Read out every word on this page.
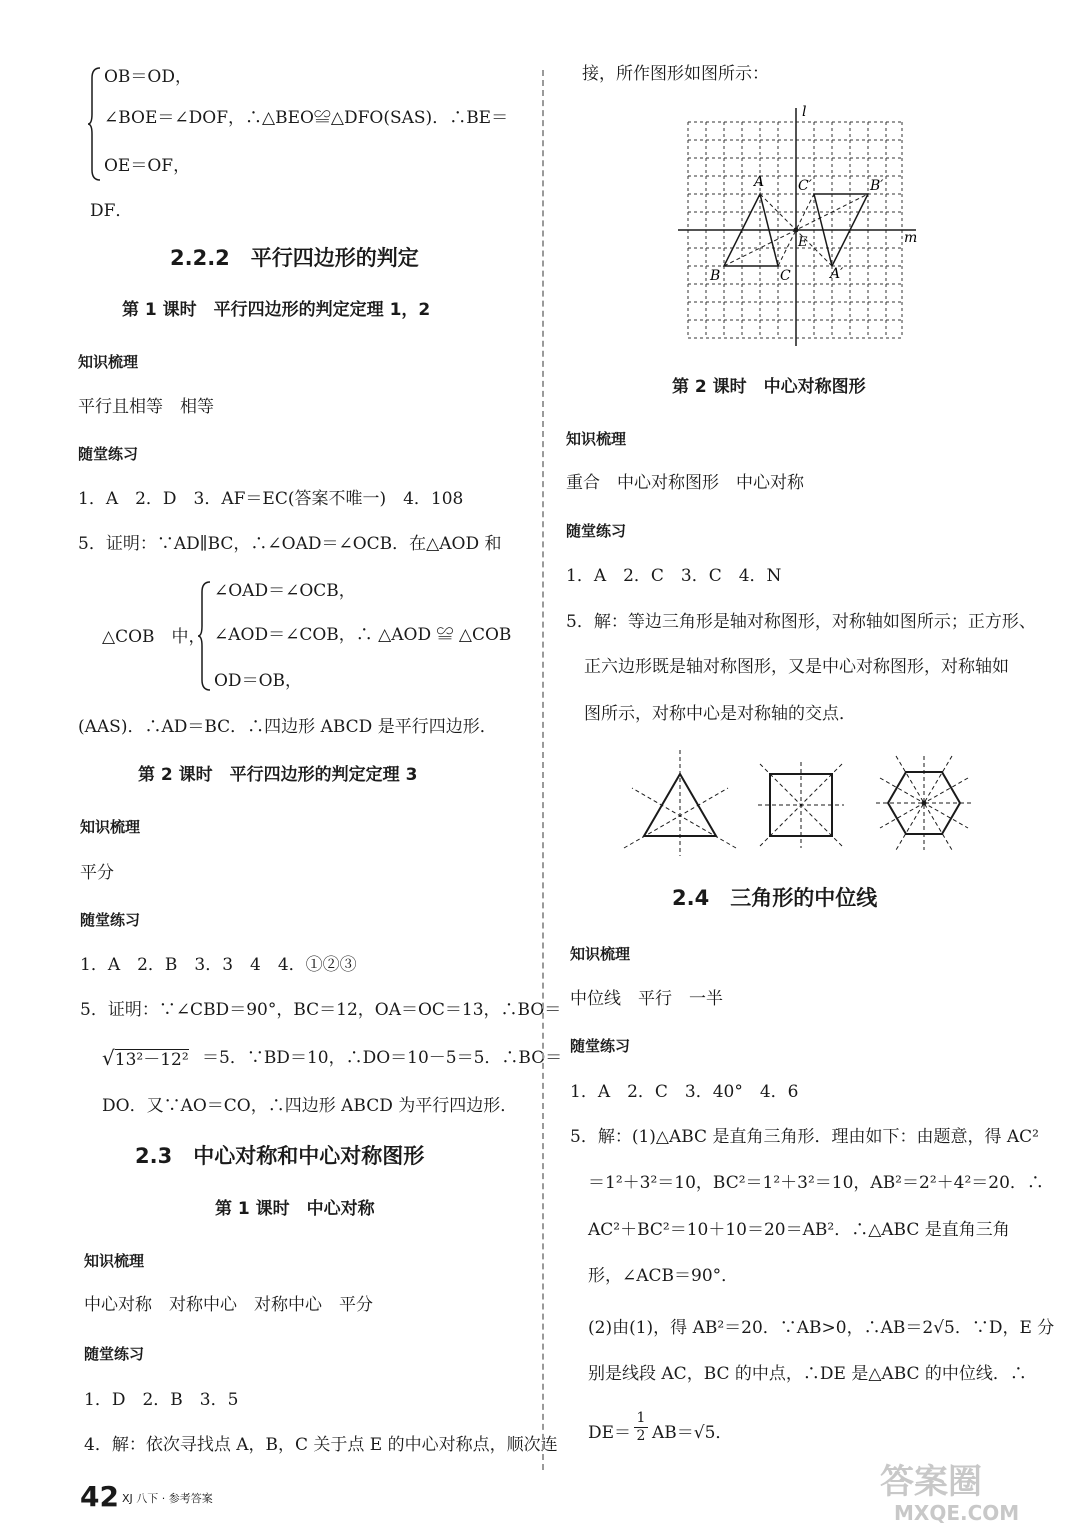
OB＝OD，
∠BOE＝∠DOF，∴△BEO≌△DFO(SAS)．∴BE＝
OE＝OF，
DF．
2.2.2　平行四边形的判定
第 1 课时　平行四边形的判定定理 1，2
知识梳理
平行且相等　相等
随堂练习
1．A　2．D　3．AF＝EC(答案不唯一)　4．108
5．证明：∵AD∥BC，∴∠OAD＝∠OCB．在△AOD 和
△COB　中，
∠OAD＝∠OCB，
∠AOD＝∠COB，∴ △AOD ≌ △COB
OD＝OB，
(AAS)．∴AD＝BC．∴四边形 ABCD 是平行四边形．
第 2 课时　平行四边形的判定定理 3
知识梳理
平分
随堂练习
1．A　2．B　3．3　4　4．①②③
5．证明：∵∠CBD＝90°，BC＝12，OA＝OC＝13，∴BO＝
√13²－12² ＝5．∵BD＝10，∴DO＝10－5＝5．∴BO＝
DO．又∵AO＝CO，∴四边形 ABCD 为平行四边形．
2.3　中心对称和中心对称图形
第 1 课时　中心对称
知识梳理
中心对称　对称中心　对称中心　平分
随堂练习
1．D　2．B　3．5
4．解：依次寻找点 A，B，C 关于点 E 的中心对称点，顺次连
接，所作图形如图所示：
l
m
A
B	C
E
A′
B′
C′
第 2 课时　中心对称图形
知识梳理
重合　中心对称图形　中心对称
随堂练习
1．A　2．C　3．C　4．N
5．解：等边三角形是轴对称图形，对称轴如图所示；正方形、
正六边形既是轴对称图形，又是中心对称图形，对称轴如
图所示，对称中心是对称轴的交点．
2.4　三角形的中位线
知识梳理
中位线　平行　一半
随堂练习
1．A　2．C　3．40°　4．6
5．解：(1)△ABC 是直角三角形．理由如下：由题意，得 AC²
＝1²＋3²＝10，BC²＝1²＋3²＝10，AB²＝2²＋4²＝20．∴
AC²＋BC²＝10＋10＝20＝AB²．∴△ABC 是直角三角
形，∠ACB＝90°．
(2)由(1)，得 AB²＝20．∵AB>0，∴AB＝2√5．∵D，E 分
别是线段 AC，BC 的中点，∴DE 是△ABC 的中位线．∴
$DE= \frac{1}{2} AB=√5$．
42 XJ 八下 · 参考答案	答案圈
MXQE.COM
